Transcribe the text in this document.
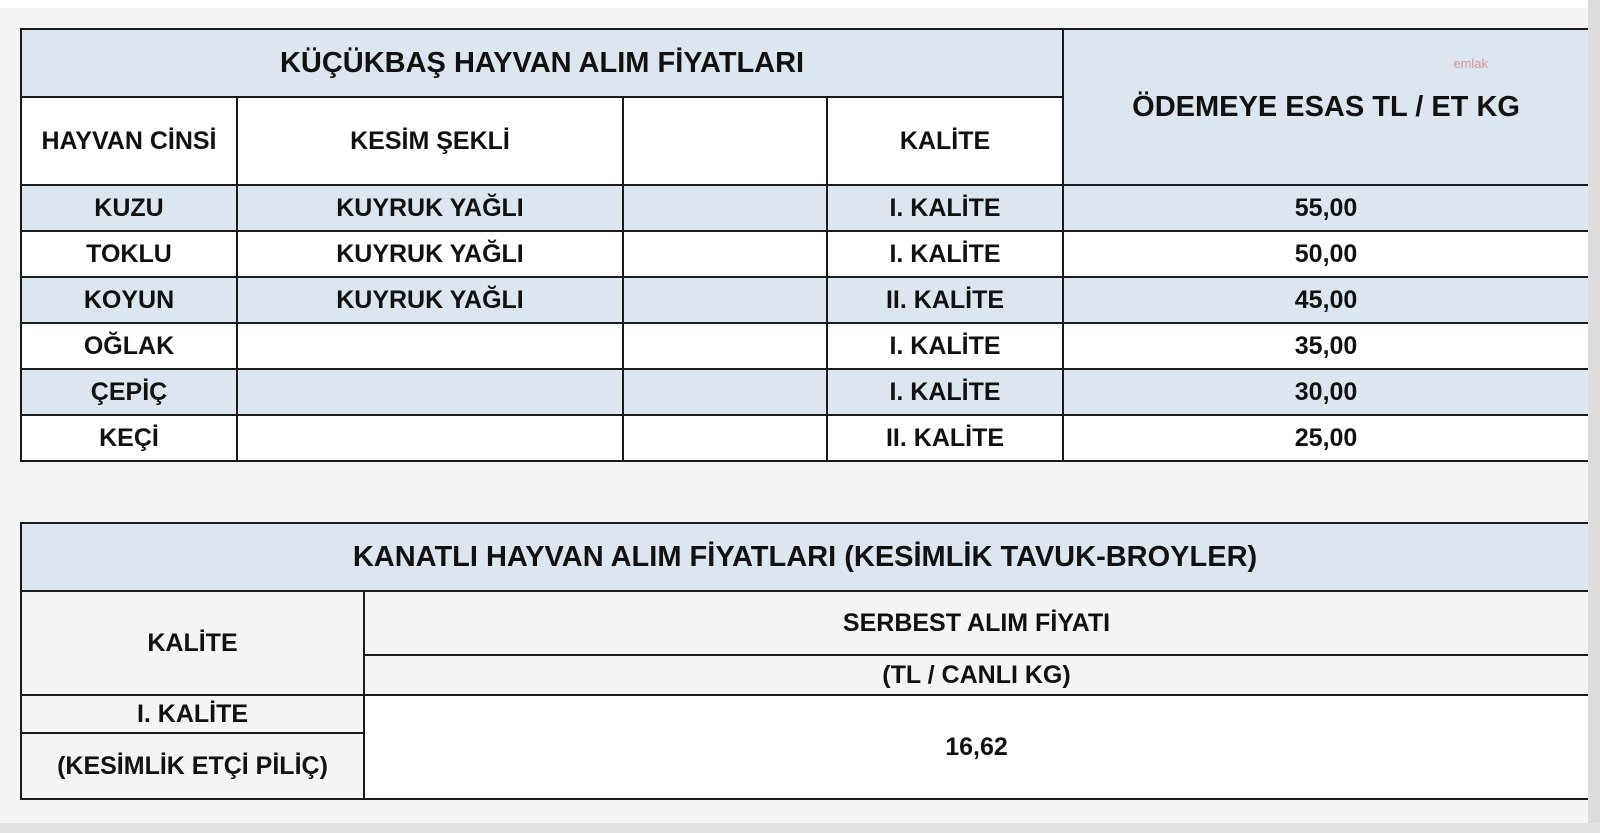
KÜÇÜKBAŞ HAYVAN ALIM FİYATLARI				ÖDEMEYE ESAS TL / ET KG
emlak

HAYVAN CİNSİ	KESİM ŞEKLİ		KALİTE	
KUZU	KUYRUK YAĞLI		I. KALİTE	55,00
TOKLU	KUYRUK YAĞLI		I. KALİTE	50,00
KOYUN	KUYRUK YAĞLI		II. KALİTE	45,00
OĞLAK			I. KALİTE	35,00
ÇEPİÇ			I. KALİTE	30,00
KEÇİ			II. KALİTE	25,00
KANATLI HAYVAN ALIM FİYATLARI (KESİMLİK TAVUK-BROYLER)	
KALİTE	SERBEST ALIM FİYATI
	(TL / CANLI KG)
I. KALİTE	16,62
(KESİMLİK ETÇİ PİLİÇ)	
